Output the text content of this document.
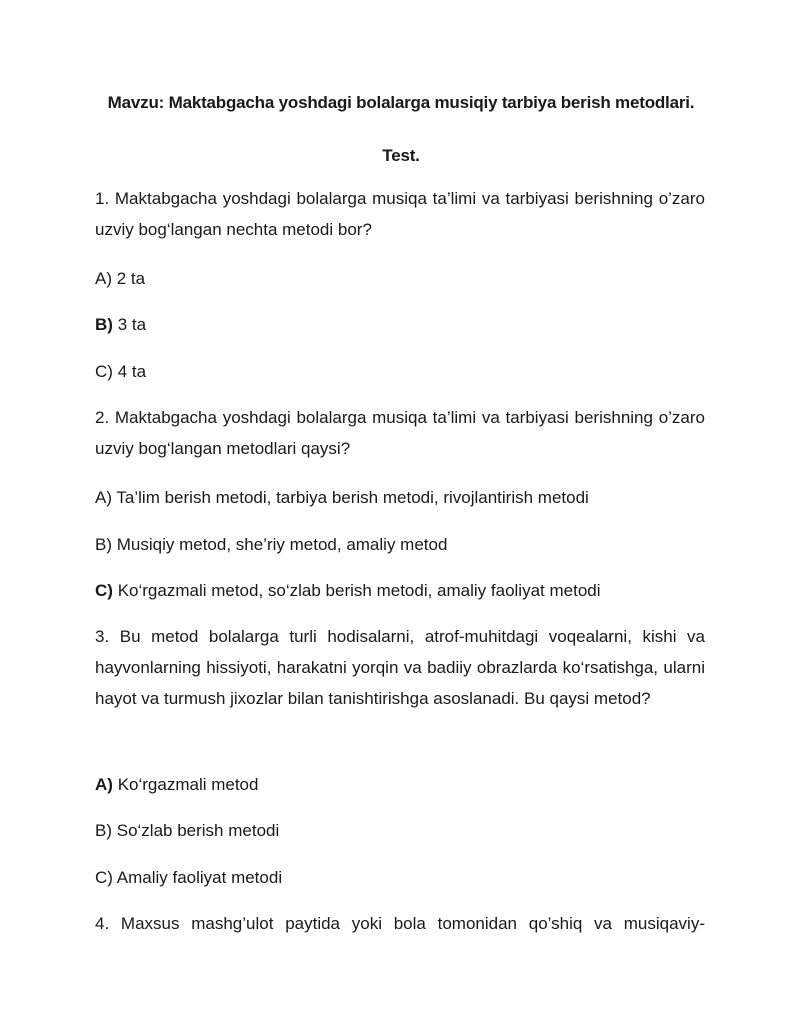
Mavzu: Maktabgacha yoshdagi bolalarga musiqiy tarbiya berish metodlari.
Test.

1. Maktabgacha yoshdagi bolalarga musiqa ta’limi va tarbiyasi berishning o’zaro uzviy bog‘langan nechta metodi bor?

A) 2 ta
B) 3 ta
C) 4 ta

2. Maktabgacha yoshdagi bolalarga musiqa ta’limi va tarbiyasi berishning o’zaro uzviy bog‘langan metodlari qaysi?

A) Ta’lim berish metodi, tarbiya berish metodi, rivojlantirish metodi
B) Musiqiy metod, she’riy metod, amaliy metod
C) Ko‘rgazmali metod, so‘zlab berish metodi, amaliy faoliyat metodi

3. Bu metod bolalarga turli hodisalarni, atrof-muhitdagi voqealarni, kishi va hayvonlarning hissiyoti, harakatni yorqin va badiiy obrazlarda ko‘rsatishga, ularni hayot va turmush jixozlar bilan tanishtirishga asoslanadi. Bu qaysi metod?

A) Ko‘rgazmali metod
B) So‘zlab berish metodi
C) Amaliy faoliyat metodi

4. Maxsus mashg’ulot paytida yoki bola tomonidan qo’shiq va musiqaviy-
